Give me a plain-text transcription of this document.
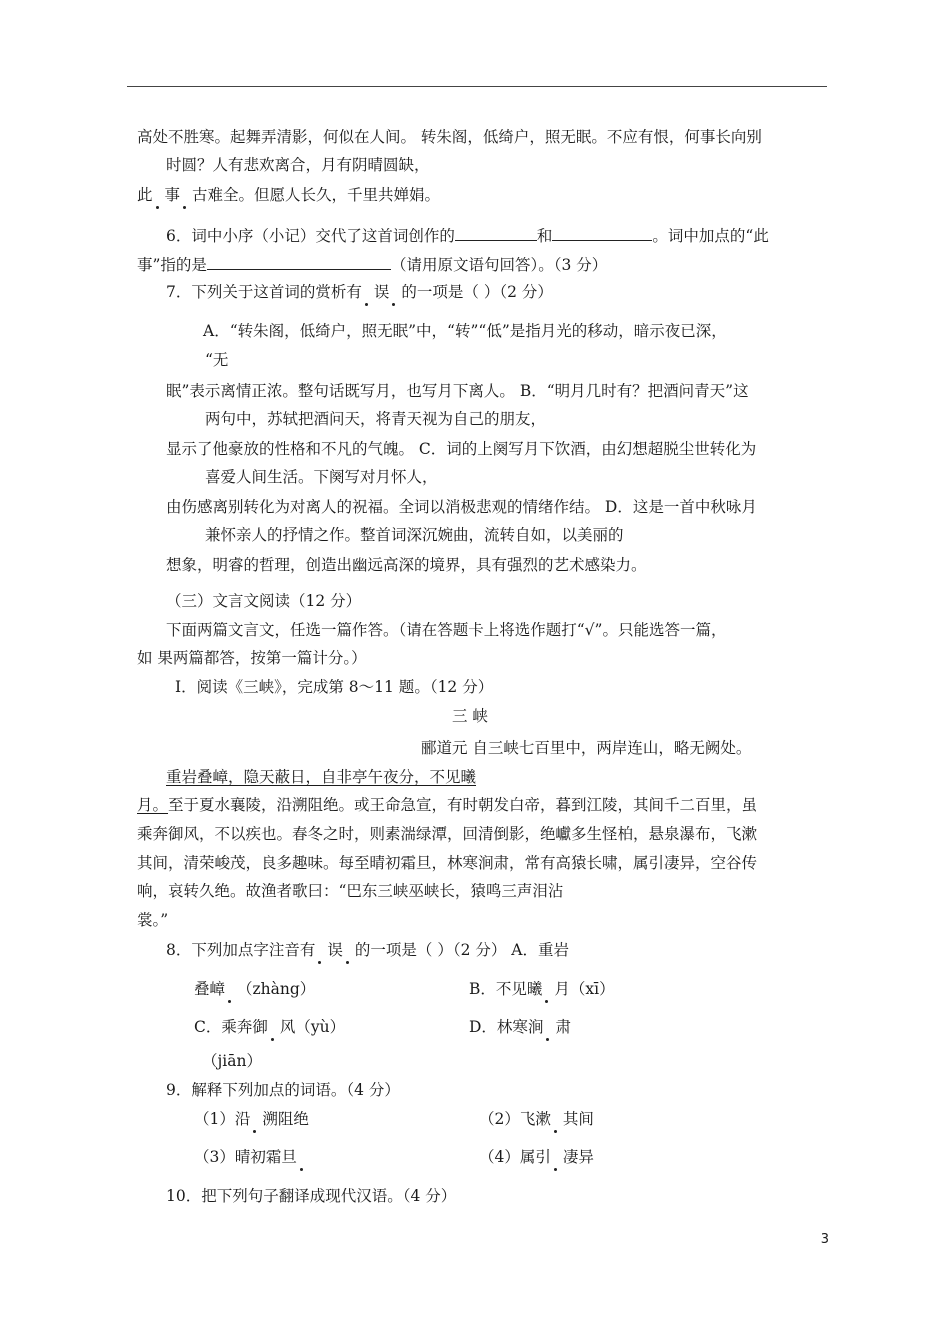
高处不胜寒。起舞弄清影，何似在人间。 转朱阁，低绮户，照无眠。不应有恨，何事长向别
时圆？人有悲欢离合，月有阴晴圆缺，
此 事 古难全。但愿人长久，千里共婵娟。
6．词中小序（小记）交代了这首词创作的	和	。词中加点的“此
事”指的是	（请用原文语句回答）。（3 分）
7．下列关于这首词的赏析有 误 的一项是（ ）（2 分）
A．“转朱阁，低绮户，照无眠”中，“转”“低”是指月光的移动，暗示夜已深，
“无
眠”表示离情正浓。整句话既写月，也写月下离人。 B．“明月几时有？把酒问青天”这
两句中，苏轼把酒问天，将青天视为自己的朋友，
显示了他豪放的性格和不凡的气魄。 C．词的上阕写月下饮酒，由幻想超脱尘世转化为
喜爱人间生活。下阕写对月怀人，
由伤感离别转化为对离人的祝福。全词以消极悲观的情绪作结。 D．这是一首中秋咏月
兼怀亲人的抒情之作。整首词深沉婉曲，流转自如，以美丽的
想象，明睿的哲理，创造出幽远高深的境界，具有强烈的艺术感染力。
（三）文言文阅读（12 分）
下面两篇文言文，任选一篇作答。（请在答题卡上将选作题打“√”。只能选答一篇，
如 果两篇都答，按第一篇计分。）
Ⅰ．阅读《三峡》，完成第 8～11 题。（12 分）
三 峡
郦道元 自三峡七百里中，两岸连山，略无阙处。
重岩叠嶂，隐天蔽日，自非亭午夜分，不见曦
月。至于夏水襄陵，沿溯阻绝。或王命急宣，有时朝发白帝，暮到江陵，其间千二百里，虽
乘奔御风，不以疾也。春冬之时，则素湍绿潭，回清倒影，绝巘多生怪柏，悬泉瀑布，飞漱
其间，清荣峻茂，良多趣味。每至晴初霜旦，林寒涧肃，常有高猿长啸，属引凄异，空谷传
响，哀转久绝。故渔者歌曰：“巴东三峡巫峡长，猿鸣三声泪沾
裳。”
8．下列加点字注音有 误 的一项是（ ）（2 分） A．重岩
叠嶂 （zhàng）	B．不见曦 月（xī）
C．乘奔御 风（yù）	D．林寒涧 肃
（jiān）
9．解释下列加点的词语。（4 分）
（1）沿 溯阻绝	（2）飞漱 其间
（3）晴初霜旦	（4）属引 凄异
10．把下列句子翻译成现代汉语。（4 分）
3
